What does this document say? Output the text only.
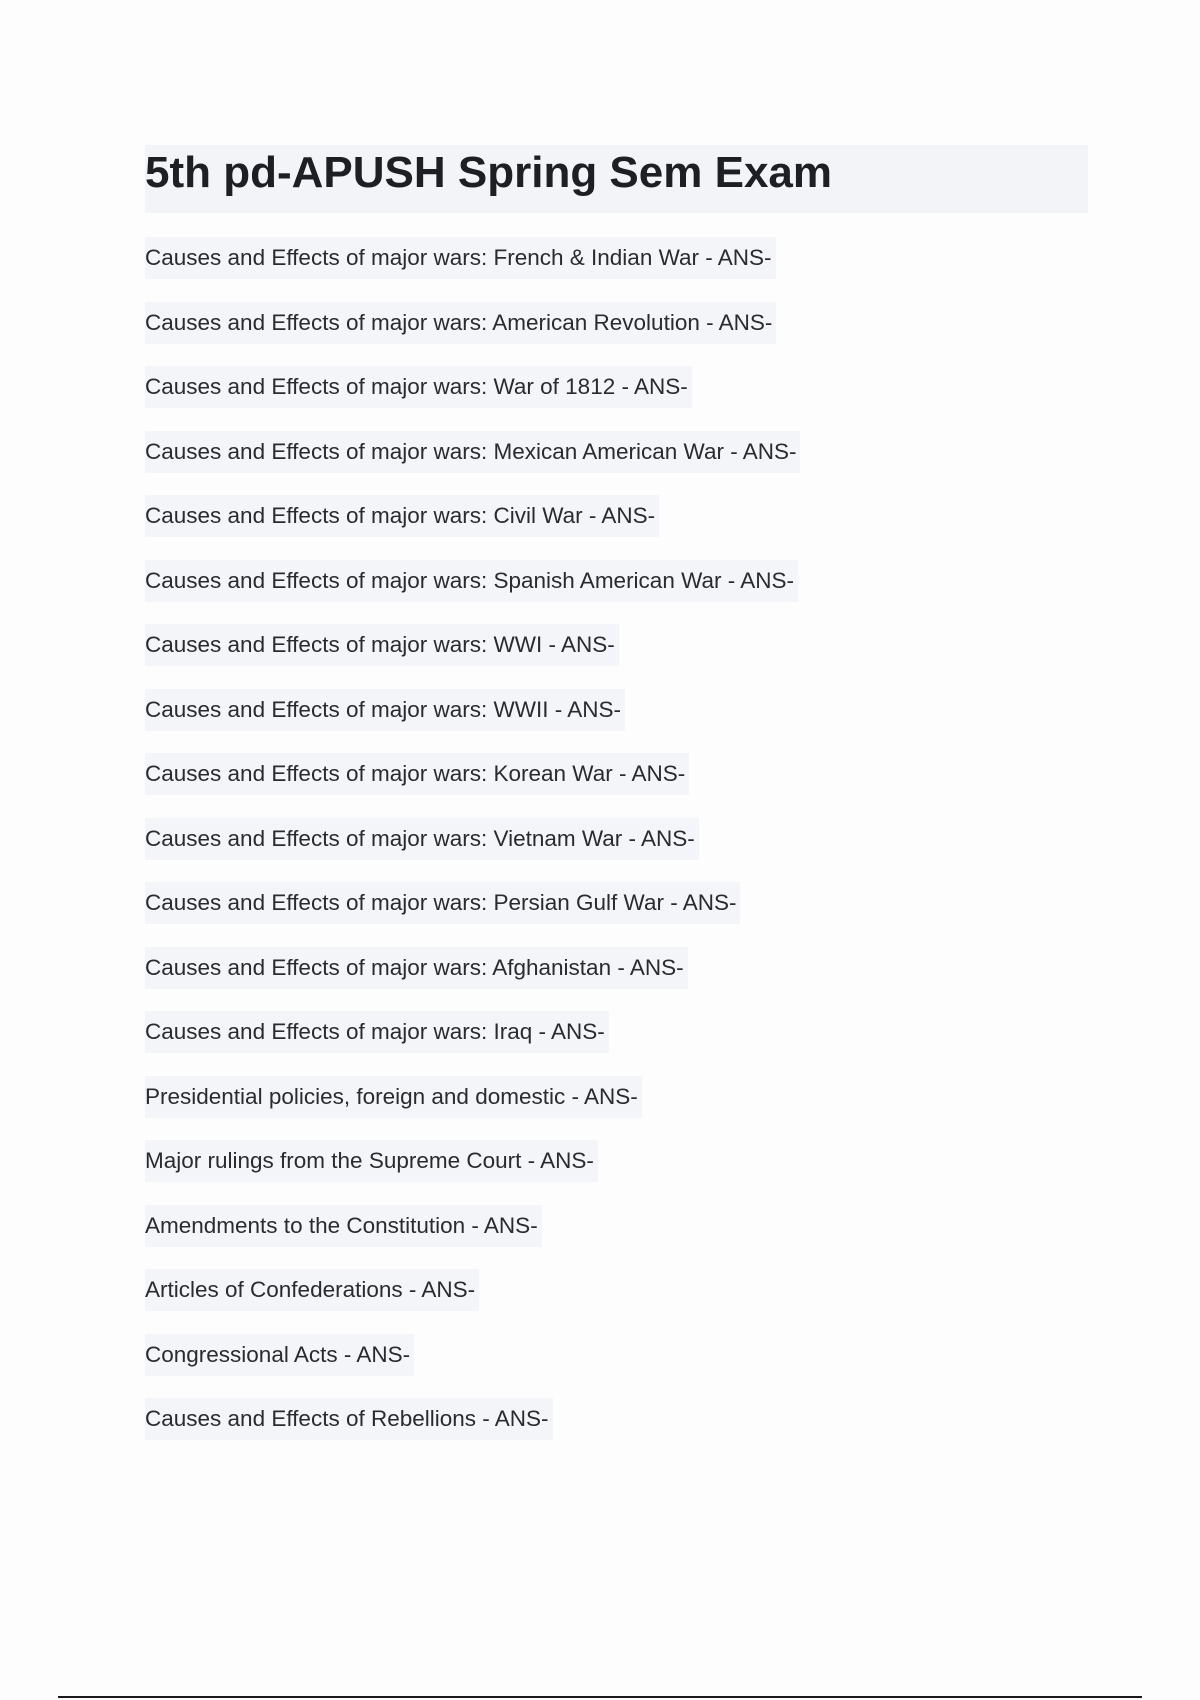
5th pd-APUSH Spring Sem Exam
Causes and Effects of major wars: French & Indian War - ANS-
Causes and Effects of major wars: American Revolution - ANS-
Causes and Effects of major wars: War of 1812 - ANS-
Causes and Effects of major wars: Mexican American War - ANS-
Causes and Effects of major wars: Civil War - ANS-
Causes and Effects of major wars: Spanish American War - ANS-
Causes and Effects of major wars: WWI - ANS-
Causes and Effects of major wars: WWII - ANS-
Causes and Effects of major wars: Korean War - ANS-
Causes and Effects of major wars: Vietnam War - ANS-
Causes and Effects of major wars: Persian Gulf War - ANS-
Causes and Effects of major wars: Afghanistan - ANS-
Causes and Effects of major wars: Iraq - ANS-
Presidential policies, foreign and domestic - ANS-
Major rulings from the Supreme Court - ANS-
Amendments to the Constitution - ANS-
Articles of Confederations - ANS-
Congressional Acts - ANS-
Causes and Effects of Rebellions - ANS-
